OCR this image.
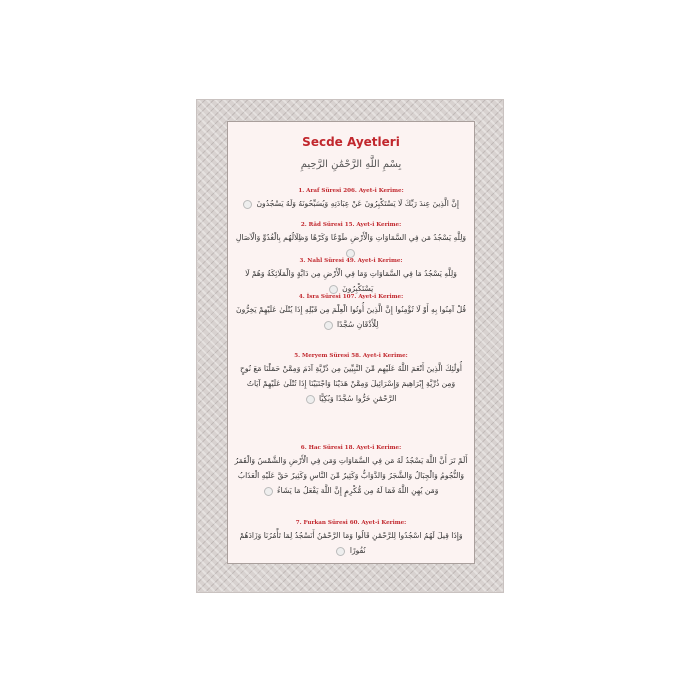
Secde Ayetleri
بِسْمِ اللَّهِ الرَّحْمَٰنِ الرَّحِيمِ
1. Araf Süresi 206. Ayet-i Kerime:
إِنَّ الَّذِينَ عِندَ رَبِّكَ لَا يَسْتَكْبِرُونَ عَنْ عِبَادَتِهِ وَيُسَبِّحُونَهُ وَلَهُ يَسْجُدُونَ
2. Râd Süresi 15. Ayet-i Kerime:
وَلِلَّهِ يَسْجُدُ مَن فِي السَّمَاوَاتِ وَالْأَرْضِ طَوْعًا وَكَرْهًا وَظِلَالُهُم بِالْغُدُوِّ وَالْآصَالِ
3. Nahl Süresi 49. Ayet-i Kerime:
وَلِلَّهِ يَسْجُدُ مَا فِي السَّمَاوَاتِ وَمَا فِي الْأَرْضِ مِن دَابَّةٍ وَالْمَلَائِكَةُ وَهُمْ لَا يَسْتَكْبِرُونَ
4. İsra Süresi 107. Ayet-i Kerime:
قُلْ آمِنُوا بِهِ أَوْ لَا تُؤْمِنُوا إِنَّ الَّذِينَ أُوتُوا الْعِلْمَ مِن قَبْلِهِ إِذَا يُتْلَىٰ عَلَيْهِمْ يَخِرُّونَ لِلْأَذْقَانِ سُجَّدًا
5. Meryem Süresi 58. Ayet-i Kerime:
أُولَٰئِكَ الَّذِينَ أَنْعَمَ اللَّهُ عَلَيْهِم مِّنَ النَّبِيِّينَ مِن ذُرِّيَّةِ آدَمَ وَمِمَّنْ حَمَلْنَا مَعَ نُوحٍ وَمِن ذُرِّيَّةِ إِبْرَاهِيمَ وَإِسْرَائِيلَ وَمِمَّنْ هَدَيْنَا وَاجْتَبَيْنَا إِذَا تُتْلَىٰ عَلَيْهِمْ آيَاتُ الرَّحْمَٰنِ خَرُّوا سُجَّدًا وَبُكِيًّا
6. Hac Süresi 18. Ayet-i Kerime:
أَلَمْ تَرَ أَنَّ اللَّهَ يَسْجُدُ لَهُ مَن فِي السَّمَاوَاتِ وَمَن فِي الْأَرْضِ وَالشَّمْسُ وَالْقَمَرُ وَالنُّجُومُ وَالْجِبَالُ وَالشَّجَرُ وَالدَّوَابُّ وَكَثِيرٌ مِّنَ النَّاسِ وَكَثِيرٌ حَقَّ عَلَيْهِ الْعَذَابُ وَمَن يُهِنِ اللَّهُ فَمَا لَهُ مِن مُّكْرِمٍ إِنَّ اللَّهَ يَفْعَلُ مَا يَشَاءُ
7. Furkan Süresi 60. Ayet-i Kerime:
وَإِذَا قِيلَ لَهُمُ اسْجُدُوا لِلرَّحْمَٰنِ قَالُوا وَمَا الرَّحْمَٰنُ أَنَسْجُدُ لِمَا تَأْمُرُنَا وَزَادَهُمْ نُفُورًا
